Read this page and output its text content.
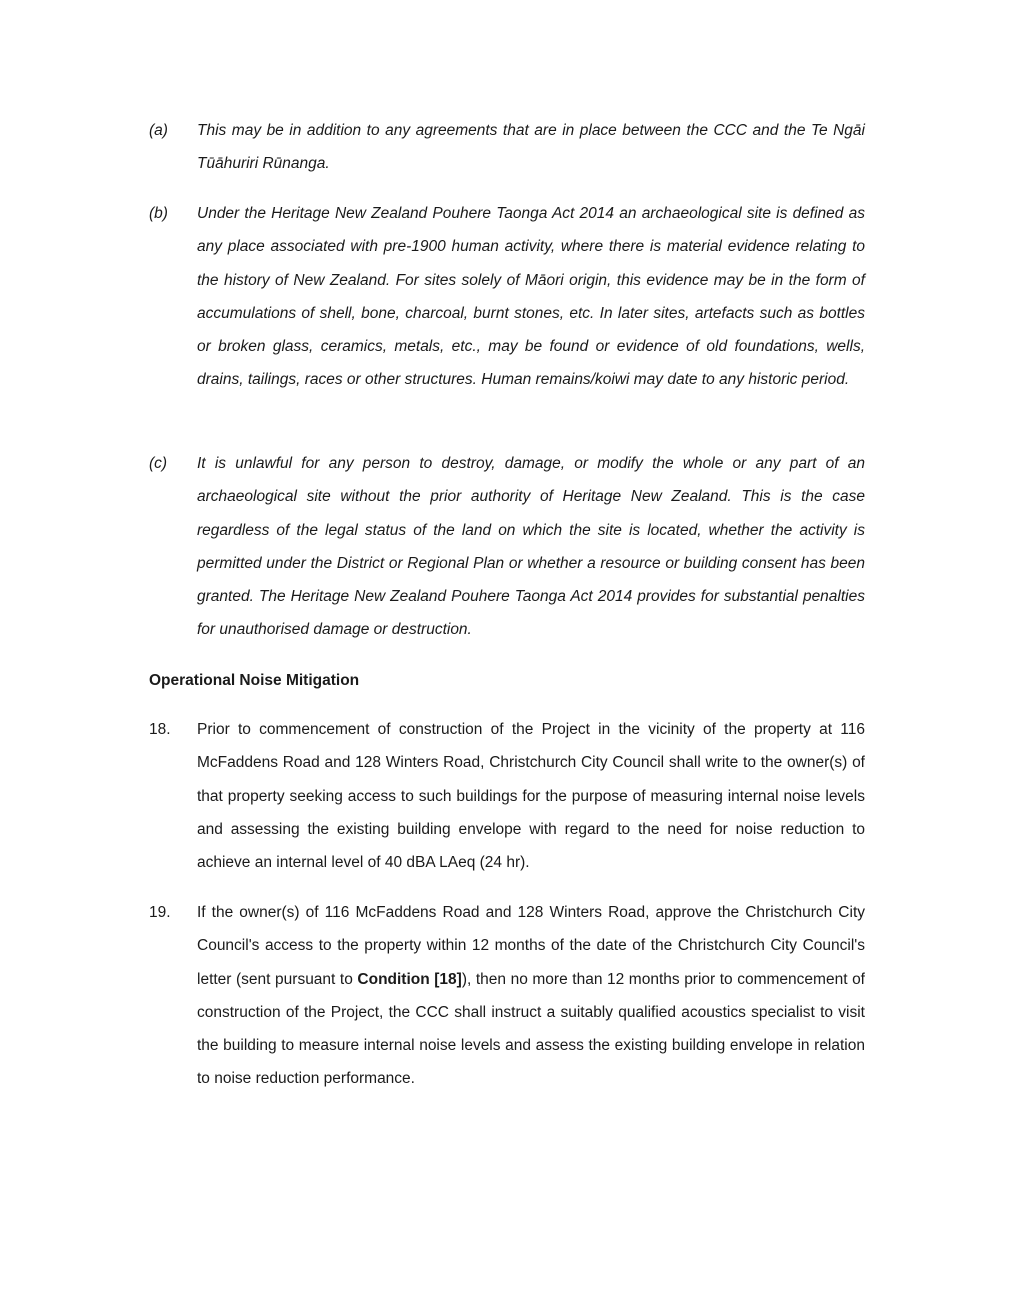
(a) This may be in addition to any agreements that are in place between the CCC and the Te Ngāi Tūāhuriri Rūnanga.
(b) Under the Heritage New Zealand Pouhere Taonga Act 2014 an archaeological site is defined as any place associated with pre-1900 human activity, where there is material evidence relating to the history of New Zealand. For sites solely of Māori origin, this evidence may be in the form of accumulations of shell, bone, charcoal, burnt stones, etc. In later sites, artefacts such as bottles or broken glass, ceramics, metals, etc., may be found or evidence of old foundations, wells, drains, tailings, races or other structures. Human remains/koiwi may date to any historic period.
(c) It is unlawful for any person to destroy, damage, or modify the whole or any part of an archaeological site without the prior authority of Heritage New Zealand. This is the case regardless of the legal status of the land on which the site is located, whether the activity is permitted under the District or Regional Plan or whether a resource or building consent has been granted. The Heritage New Zealand Pouhere Taonga Act 2014 provides for substantial penalties for unauthorised damage or destruction.
Operational Noise Mitigation
18. Prior to commencement of construction of the Project in the vicinity of the property at 116 McFaddens Road and 128 Winters Road, Christchurch City Council shall write to the owner(s) of that property seeking access to such buildings for the purpose of measuring internal noise levels and assessing the existing building envelope with regard to the need for noise reduction to achieve an internal level of 40 dBA LAeq (24 hr).
19. If the owner(s) of 116 McFaddens Road and 128 Winters Road, approve the Christchurch City Council's access to the property within 12 months of the date of the Christchurch City Council's letter (sent pursuant to Condition [18]), then no more than 12 months prior to commencement of construction of the Project, the CCC shall instruct a suitably qualified acoustics specialist to visit the building to measure internal noise levels and assess the existing building envelope in relation to noise reduction performance.
